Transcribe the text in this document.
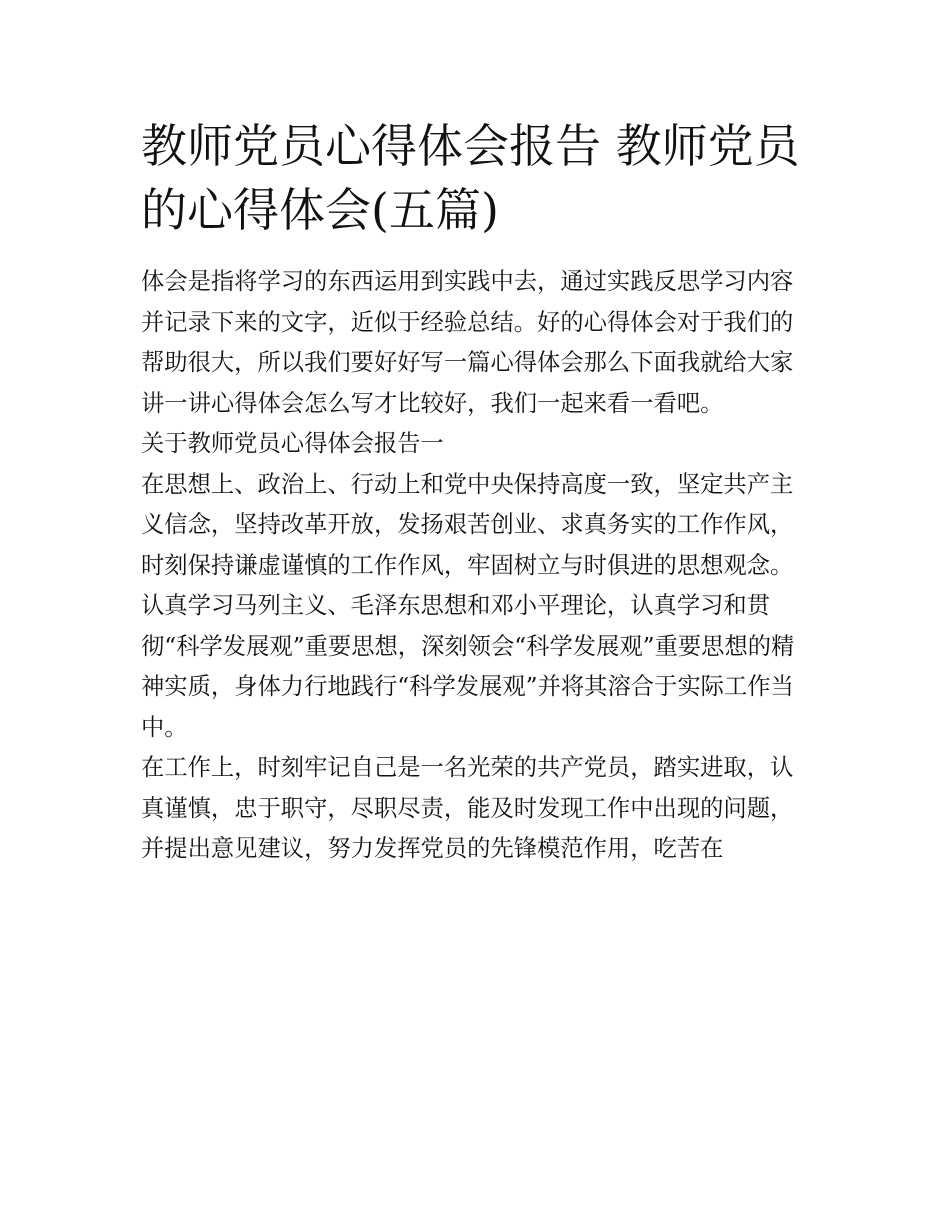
教师党员心得体会报告 教师党员的心得体会(五篇)

体会是指将学习的东西运用到实践中去，通过实践反思学习内容并记录下来的文字，近似于经验总结。好的心得体会对于我们的帮助很大，所以我们要好好写一篇心得体会那么下面我就给大家讲一讲心得体会怎么写才比较好，我们一起来看一看吧。

关于教师党员心得体会报告一

在思想上、政治上、行动上和党中央保持高度一致，坚定共产主义信念，坚持改革开放，发扬艰苦创业、求真务实的工作作风，时刻保持谦虚谨慎的工作作风，牢固树立与时俱进的思想观念。认真学习马列主义、毛泽东思想和邓小平理论，认真学习和贯彻“科学发展观”重要思想，深刻领会“科学发展观”重要思想的精神实质，身体力行地践行“科学发展观”并将其溶合于实际工作当中。

在工作上，时刻牢记自己是一名光荣的共产党员，踏实进取，认真谨慎，忠于职守，尽职尽责，能及时发现工作中出现的问题，并提出意见建议，努力发挥党员的先锋模范作用，吃苦在
